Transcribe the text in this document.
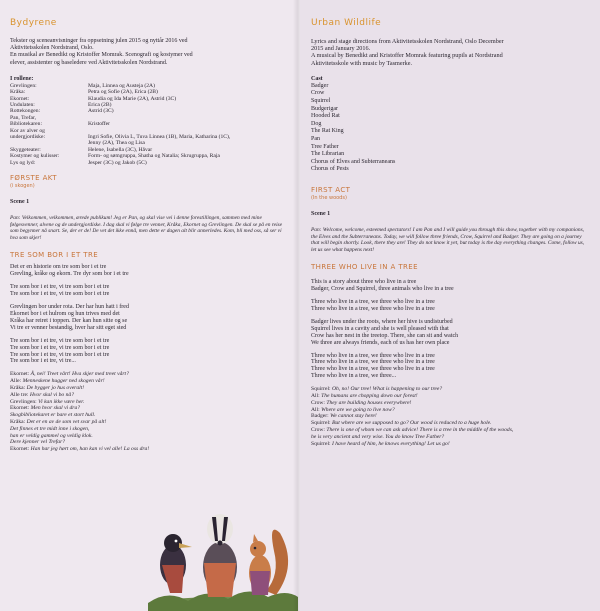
Bydyrene
Tekster og sceneanvisninger fra oppsetning julen 2015 og nyttår 2016 ved
Aktivitetsskolen Nordstrand, Oslo.
En musikal av Benedikt og Kristoffer Momrak. Scenografi og kostymer ved
elever, assistenter og baseledere ved Aktivitetsskolen Nordstrand.
I rollene:
Grevlingen:	Maja, Linnea og Austeja (2A)
Kråka:	Petra og Sofie (2A), Erica (2B)
Ekornet:	Klaudia og Ida Marie (2A), Astrid (3C)
Undulaten:	Erica (2B)
Rottekongen:	Astrid (3C)
Pan, Trefar,	
Bibliotekaren:	Kristoffer
Kor av alver og	
undergjordiske:	Ingri Sofie, Olivia L, Tuva Linnea (1B), Maria, Katharina (1C),
	Jenny (2A), Thea og Lisa
Skyggeteater:	Helene, Isabella (3C), Håvar
Kostymer og kulisser:	Form- og sømgruppa, Shatha og Natalia; Skrugruppa, Raja
Lys og lyd:	Jesper (3C) og Jakob (5C)
FØRSTE AKT
(i skogen)
Scene 1
Pan: Velkommen, velkommen, ærede publikum! Jeg er Pan, og skal vise vei i denne forestillingen, sammen med mine følgesvenner, alvene og de undergjordiske. I dag skal vi følge tre venner, Kråka, Ekornet og Grevlingen. De skal se på en reise som begynner nå snart. Se, der er de! De vet det ikke ennå, men dette er dagen alt blir annerledes. Kom, bli med oss, så ser vi hva som skjer!
TRE SOM BOR I ET TRE
Det er en historie om tre som bor i et tre
Grevling, kråke og ekorn. Tre dyr som bor i et tre
Tre som bor i et tre, vi tre som bor i et tre
Tre som bor i et tre, vi tre som bor i et tre
Grevlingen bor under rota. Der har hun hatt i fred
Ekornet bor i et hulrom og hun trives med det
Kråka har reiret i toppen. Der kan hun sitte og se
Vi tre er venner bestandig, hver har sitt eget sted
Tre som bor i et tre, vi tre som bor i et tre
Tre som bor i et tre, vi tre som bor i et tre
Tre som bor i et tre, vi tre som bor i et tre
Tre som bor i et tre, vi tre...
Ekornet: Å, nei! Treet vårt! Hva skjer med treet vårt?
Alle: Menneskene hugger ned skogen vår!
Kråka: De bygger jo hus overalt!
Alle tre: Hvor skal vi bo nå?
Grevlingen: Vi kan ikke være her.
Ekornet: Men hvor skal vi dra?
Skogbibliotekaret er bare et stort hull.
Kråka: Det er en av de som vet svar på alt!
Det finnes et tre midt inne i skogen,
han er veldig gammel og veldig klok.
Dere kjenner vel Trefar?
Ekornet: Han har jeg hørt om, han kan vi vel alle! La oss dra!
Urban Wildlife
Lyrics and stage directions from Aktivitetsskolen Nordstrand, Oslo December
2015 and January 2016.
A musical by Benedikt and Kristoffer Momrak featuring pupils at Nordstrand
Aktivitetsskole with music by Tasmerke.
Cast
Badger
Crow
Squirrel
Budgerigar
Hooded Rat
Dog
The Rat King
Pan
Tree Father
The Librarian
Chorus of Elves and Subterraneans
Chorus of Pests
FIRST ACT
(In the woods)
Scene 1
Pan: Welcome, welcome, esteemed spectators! I am Pan and I will guide you through this show, together with my companions, the Elves and the Subterraneans. Today, we will follow three friends, Crow, Squirrel and Badger. They are going on a journey that will begin shortly. Look, there they are! They do not know it yet, but today is the day everything changes. Come, follow us, let us see what happens next!
THREE WHO LIVE IN A TREE
This is a story about three who live in a tree
Badger, Crow and Squirrel, three animals who live in a tree
Three who live in a tree, we three who live in a tree
Three who live in a tree, we three who live in a tree
Badger lives under the roots, where her hive is undisturbed
Squirrel lives in a cavity and she is well pleased with that
Crow has her nest in the treetop. There, she can sit and watch
We three are always friends, each of us has her own place
Three who live in a tree, we three who live in a tree
Three who live in a tree, we three who live in a tree
Three who live in a tree, we three who live in a tree
Three who live in a tree, we three...
Squirrel: Oh, no! Our tree! What is happening to our tree?
All: The humans are chopping down our forest!
Crow: They are building houses everywhere!
All: Where are we going to live now?
Badger: We cannot stay here!
Squirrel: But where are we supposed to go? Our wood is reduced to a huge hole.
Crow: There is one of whom we can ask advice! There is a tree in the middle of the woods,
he is very ancient and very wise. You do know Tree Father?
Squirrel: I have heard of him, he knows everything! Let us go!
